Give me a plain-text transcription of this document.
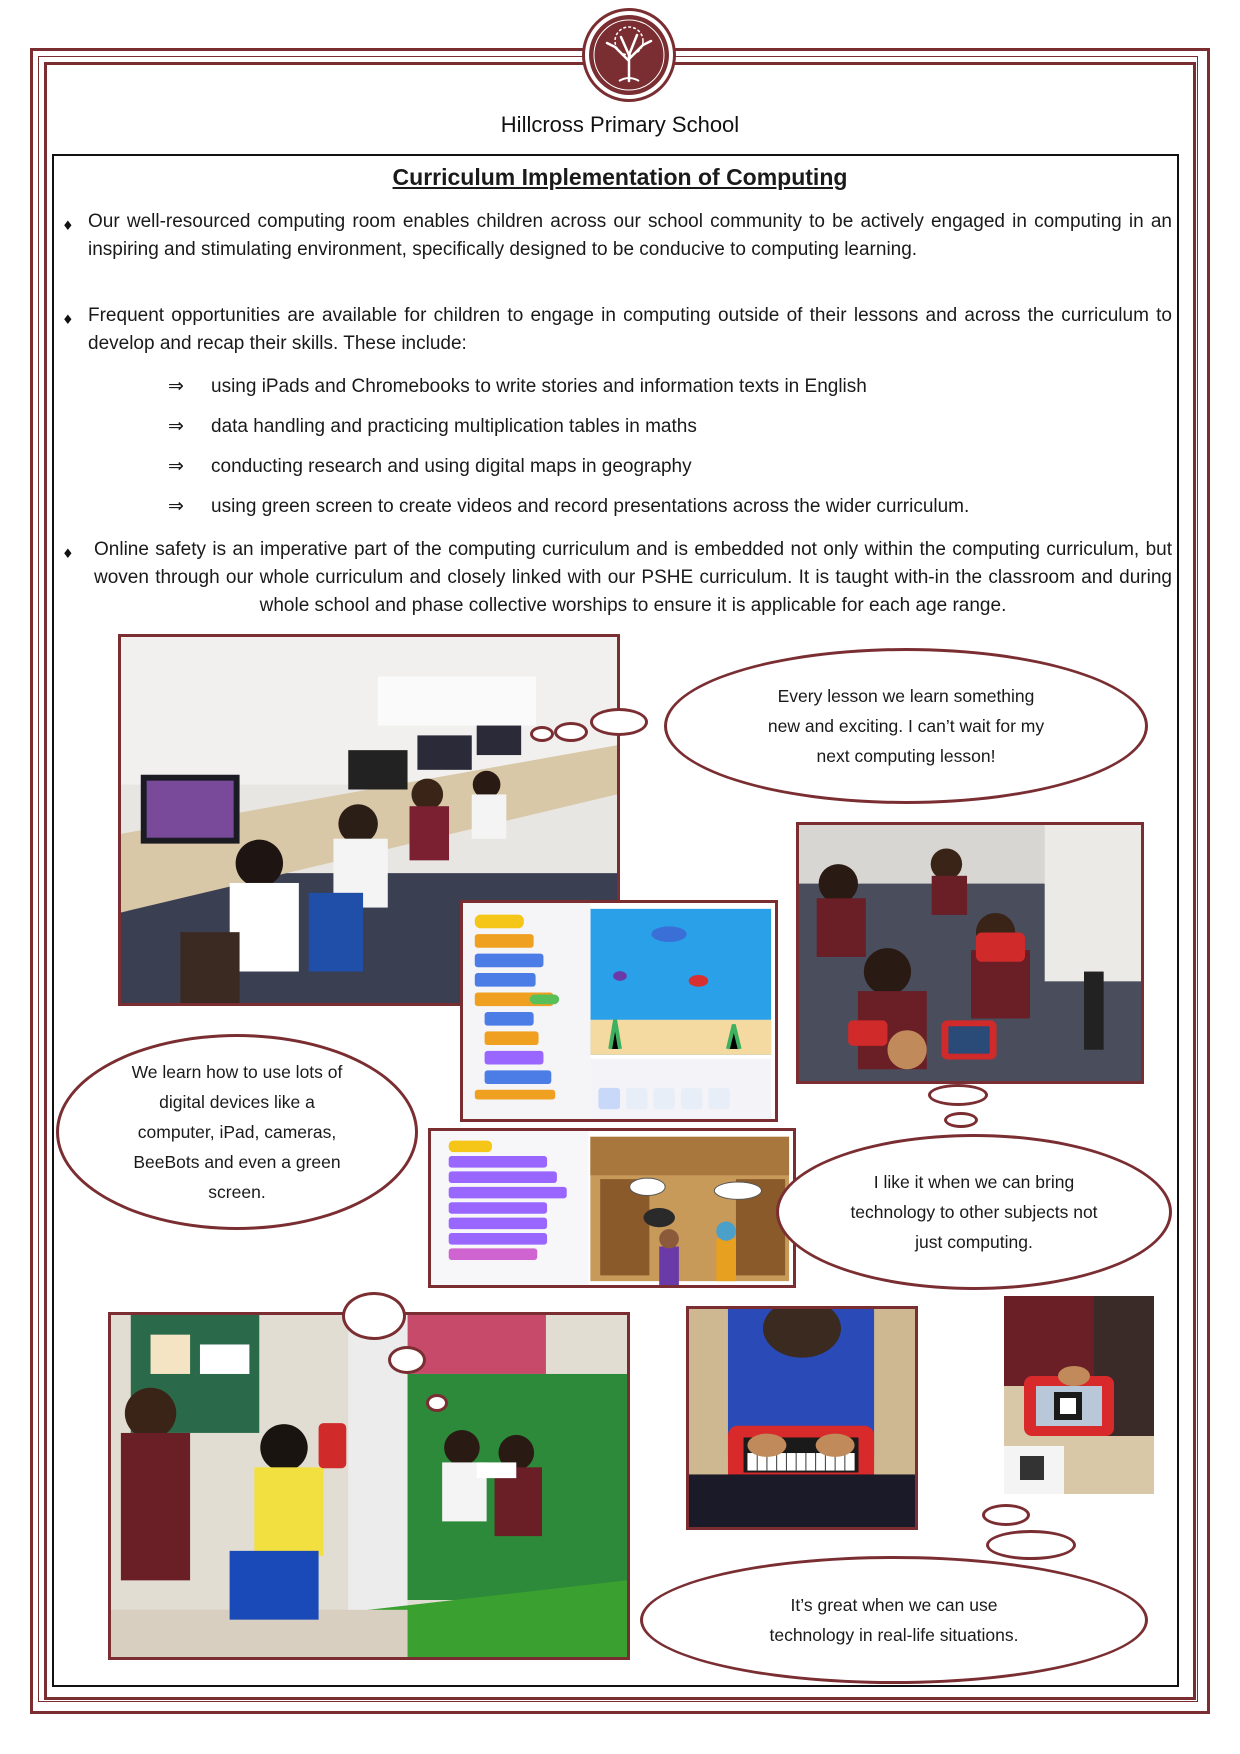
Hillcross Primary School
Curriculum Implementation of Computing
♦ Our well-resourced computing room enables children across our school community to be actively engaged in computing in an inspiring and stimulating environment, specifically designed to be conducive to computing learning.
♦ Frequent opportunities are available for children to engage in computing outside of their lessons and across the curriculum to develop and recap their skills. These include:
⇒ using iPads and Chromebooks to write stories and information texts in English
⇒ data handling and practicing multiplication tables in maths
⇒ conducting research and using digital maps in geography
⇒ using green screen to create videos and record presentations across the wider curriculum.
♦ Online safety is an imperative part of the computing curriculum and is embedded not only within the computing curriculum, but woven through our whole curriculum and closely linked with our PSHE curriculum. It is taught with-in the classroom and during whole school and phase collective worships to ensure it is applicable for each age range.
Every lesson we learn something new and exciting. I can’t wait for my next computing lesson!
We learn how to use lots of digital devices like a computer, iPad, cameras, BeeBots and even a green screen.	I like it when we can bring technology to other subjects not just computing.
It’s great when we can use technology in real-life situations.
